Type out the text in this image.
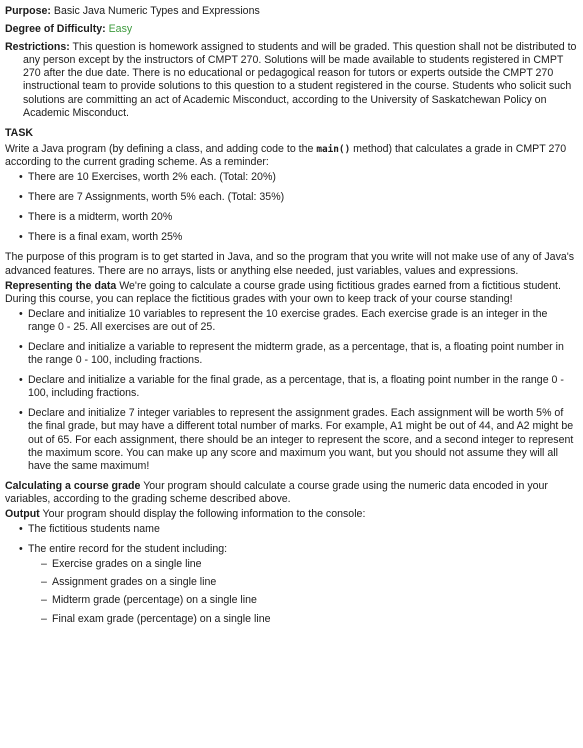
Purpose: Basic Java Numeric Types and Expressions

Degree of Difficulty: Easy

Restrictions: This question is homework assigned to students and will be graded. This question shall not be distributed to any person except by the instructors of CMPT 270. Solutions will be made available to students registered in CMPT 270 after the due date. There is no educational or pedagogical reason for tutors or experts outside the CMPT 270 instructional team to provide solutions to this question to a student registered in the course. Students who solicit such solutions are committing an act of Academic Misconduct, according to the University of Saskatchewan Policy on Academic Misconduct.

TASK

Write a Java program (by defining a class, and adding code to the main() method) that calculates a grade in CMPT 270 according to the current grading scheme. As a reminder:

• There are 10 Exercises, worth 2% each. (Total: 20%)
• There are 7 Assignments, worth 5% each. (Total: 35%)
• There is a midterm, worth 20%
• There is a final exam, worth 25%

The purpose of this program is to get started in Java, and so the program that you write will not make use of any of Java's advanced features. There are no arrays, lists or anything else needed, just variables, values and expressions.

Representing the data We're going to calculate a course grade using fictitious grades earned from a fictitious student. During this course, you can replace the fictitious grades with your own to keep track of your course standing!

• Declare and initialize 10 variables to represent the 10 exercise grades. Each exercise grade is an integer in the range 0 - 25. All exercises are out of 25.
• Declare and initialize a variable to represent the midterm grade, as a percentage, that is, a floating point number in the range 0 - 100, including fractions.
• Declare and initialize a variable for the final grade, as a percentage, that is, a floating point number in the range 0 - 100, including fractions.
• Declare and initialize 7 integer variables to represent the assignment grades. Each assignment will be worth 5% of the final grade, but may have a different total number of marks. For example, A1 might be out of 44, and A2 might be out of 65. For each assignment, there should be an integer to represent the score, and a second integer to represent the maximum score. You can make up any score and maximum you want, but you should not assume they will all have the same maximum!

Calculating a course grade Your program should calculate a course grade using the numeric data encoded in your variables, according to the grading scheme described above.

Output Your program should display the following information to the console:

• The fictitious students name
• The entire record for the student including:
– Exercise grades on a single line
– Assignment grades on a single line
– Midterm grade (percentage) on a single line
– Final exam grade (percentage) on a single line
